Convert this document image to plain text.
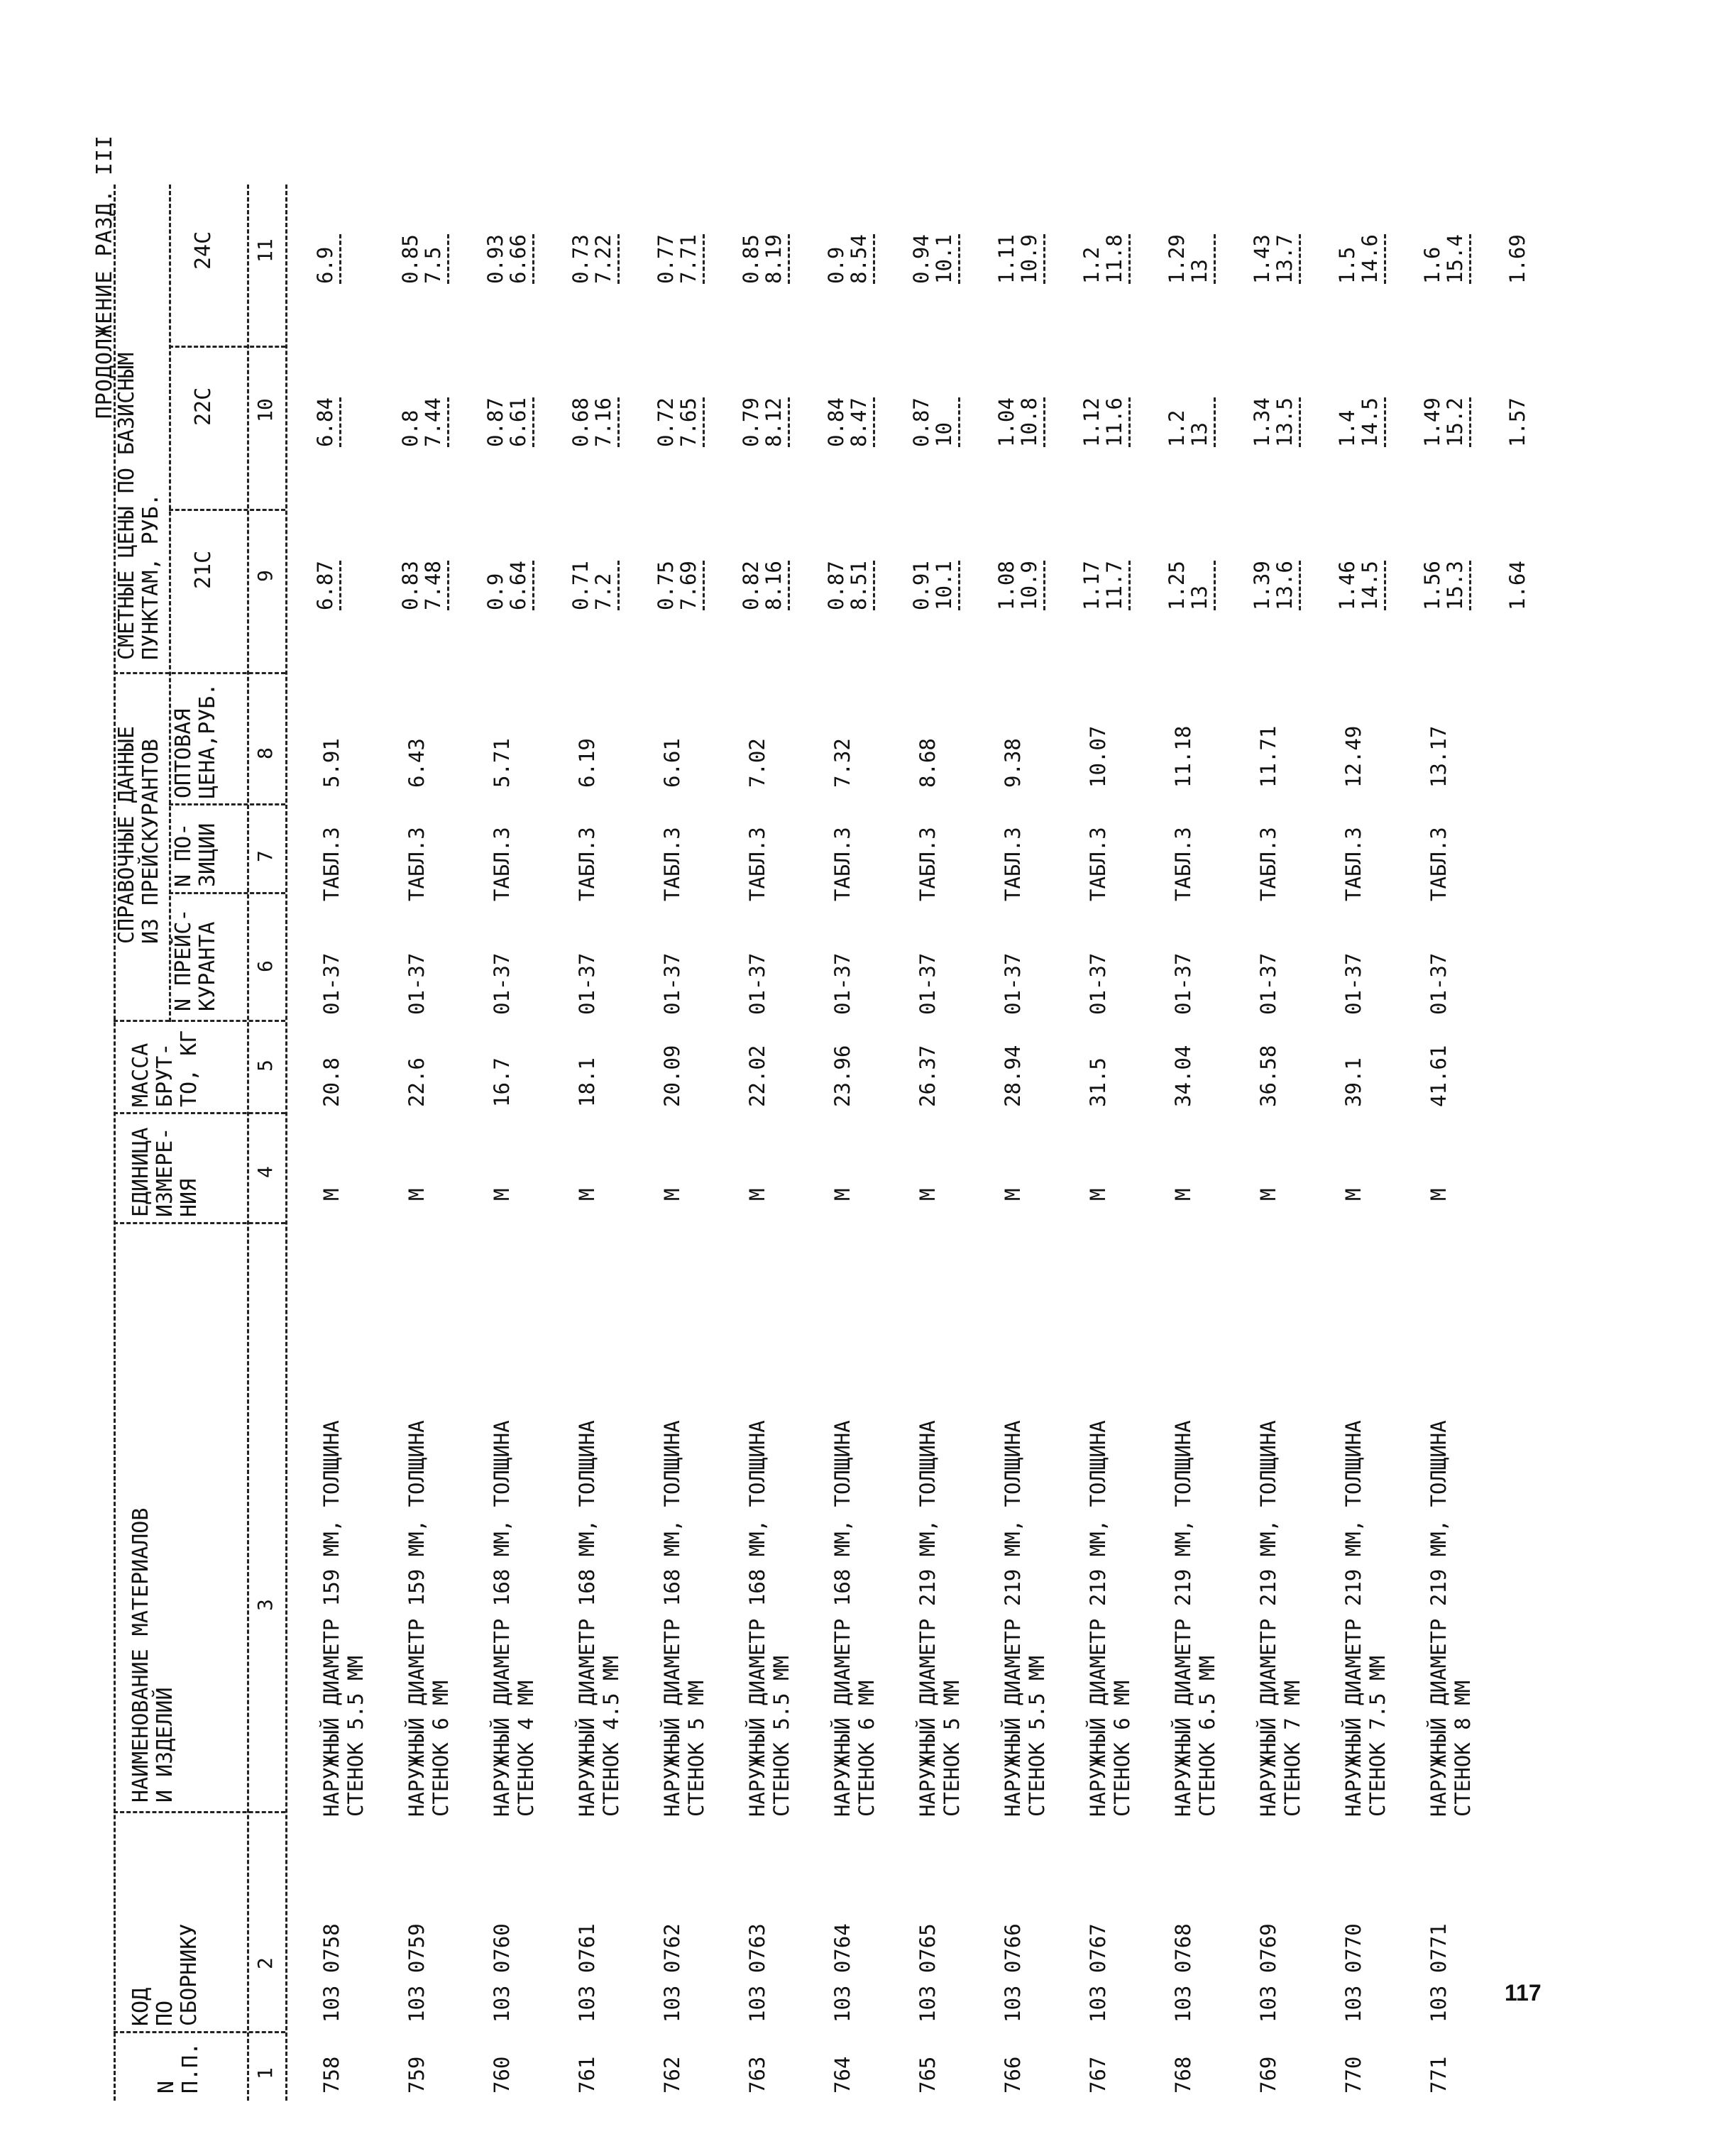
ПРОДОЛЖЕНИЕ РАЗД. III
N
П.П.
КОД
ПО
СБОРНИКУ
НАИМЕНОВАНИЕ МАТЕРИАЛОВ
И ИЗДЕЛИЙ
ЕДИНИЦА
ИЗМЕРЕ-
НИЯ
МАССА
БРУТ-
ТО, КГ
СПРАВОЧНЫЕ ДАННЫЕ
ИЗ ПРЕЙСКУРАНТОВ
N ПРЕЙС-
КУРАНТА
N ПО-
ЗИЦИИ
ОПТОВАЯ
ЦЕНА,РУБ.
СМЕТНЫЕ ЦЕНЫ ПО БАЗИСНЫМ
ПУНКТАМ, РУБ.
21С
22С
24С
1
2
3
4
5
6
7
8
9
10
11
758
103 0758
НАРУЖНЫЙ ДИАМЕТР 159 ММ, ТОЛЩИНА
СТЕНОК 5.5 ММ
М
20.8
01-37
ТАБЛ.3
5.91
6.87
6.84
6.9
759
103 0759
НАРУЖНЫЙ ДИАМЕТР 159 ММ, ТОЛЩИНА
СТЕНОК 6 ММ
М
22.6
01-37
ТАБЛ.3
6.43
0.83
7.48
0.8
7.44
0.85
7.5
760
103 0760
НАРУЖНЫЙ ДИАМЕТР 168 ММ, ТОЛЩИНА
СТЕНОК 4 ММ
М
16.7
01-37
ТАБЛ.3
5.71
0.9
6.64
0.87
6.61
0.93
6.66
761
103 0761
НАРУЖНЫЙ ДИАМЕТР 168 ММ, ТОЛЩИНА
СТЕНОК 4.5 ММ
М
18.1
01-37
ТАБЛ.3
6.19
0.71
7.2
0.68
7.16
0.73
7.22
762
103 0762
НАРУЖНЫЙ ДИАМЕТР 168 ММ, ТОЛЩИНА
СТЕНОК 5 ММ
М
20.09
01-37
ТАБЛ.3
6.61
0.75
7.69
0.72
7.65
0.77
7.71
763
103 0763
НАРУЖНЫЙ ДИАМЕТР 168 ММ, ТОЛЩИНА
СТЕНОК 5.5 ММ
М
22.02
01-37
ТАБЛ.3
7.02
0.82
8.16
0.79
8.12
0.85
8.19
764
103 0764
НАРУЖНЫЙ ДИАМЕТР 168 ММ, ТОЛЩИНА
СТЕНОК 6 ММ
М
23.96
01-37
ТАБЛ.3
7.32
0.87
8.51
0.84
8.47
0.9
8.54
765
103 0765
НАРУЖНЫЙ ДИАМЕТР 219 ММ, ТОЛЩИНА
СТЕНОК 5 ММ
М
26.37
01-37
ТАБЛ.3
8.68
0.91
10.1
0.87
10
0.94
10.1
766
103 0766
НАРУЖНЫЙ ДИАМЕТР 219 ММ, ТОЛЩИНА
СТЕНОК 5.5 ММ
М
28.94
01-37
ТАБЛ.3
9.38
1.08
10.9
1.04
10.8
1.11
10.9
767
103 0767
НАРУЖНЫЙ ДИАМЕТР 219 ММ, ТОЛЩИНА
СТЕНОК 6 ММ
М
31.5
01-37
ТАБЛ.3
10.07
1.17
11.7
1.12
11.6
1.2
11.8
768
103 0768
НАРУЖНЫЙ ДИАМЕТР 219 ММ, ТОЛЩИНА
СТЕНОК 6.5 ММ
М
34.04
01-37
ТАБЛ.3
11.18
1.25
13
1.2
13
1.29
13
769
103 0769
НАРУЖНЫЙ ДИАМЕТР 219 ММ, ТОЛЩИНА
СТЕНОК 7 ММ
М
36.58
01-37
ТАБЛ.3
11.71
1.39
13.6
1.34
13.5
1.43
13.7
770
103 0770
НАРУЖНЫЙ ДИАМЕТР 219 ММ, ТОЛЩИНА
СТЕНОК 7.5 ММ
М
39.1
01-37
ТАБЛ.3
12.49
1.46
14.5
1.4
14.5
1.5
14.6
771
103 0771
НАРУЖНЫЙ ДИАМЕТР 219 ММ, ТОЛЩИНА
СТЕНОК 8 ММ
М
41.61
01-37
ТАБЛ.3
13.17
1.56
15.3
1.49
15.2
1.6
15.4
1.64
1.57
1.69
117
